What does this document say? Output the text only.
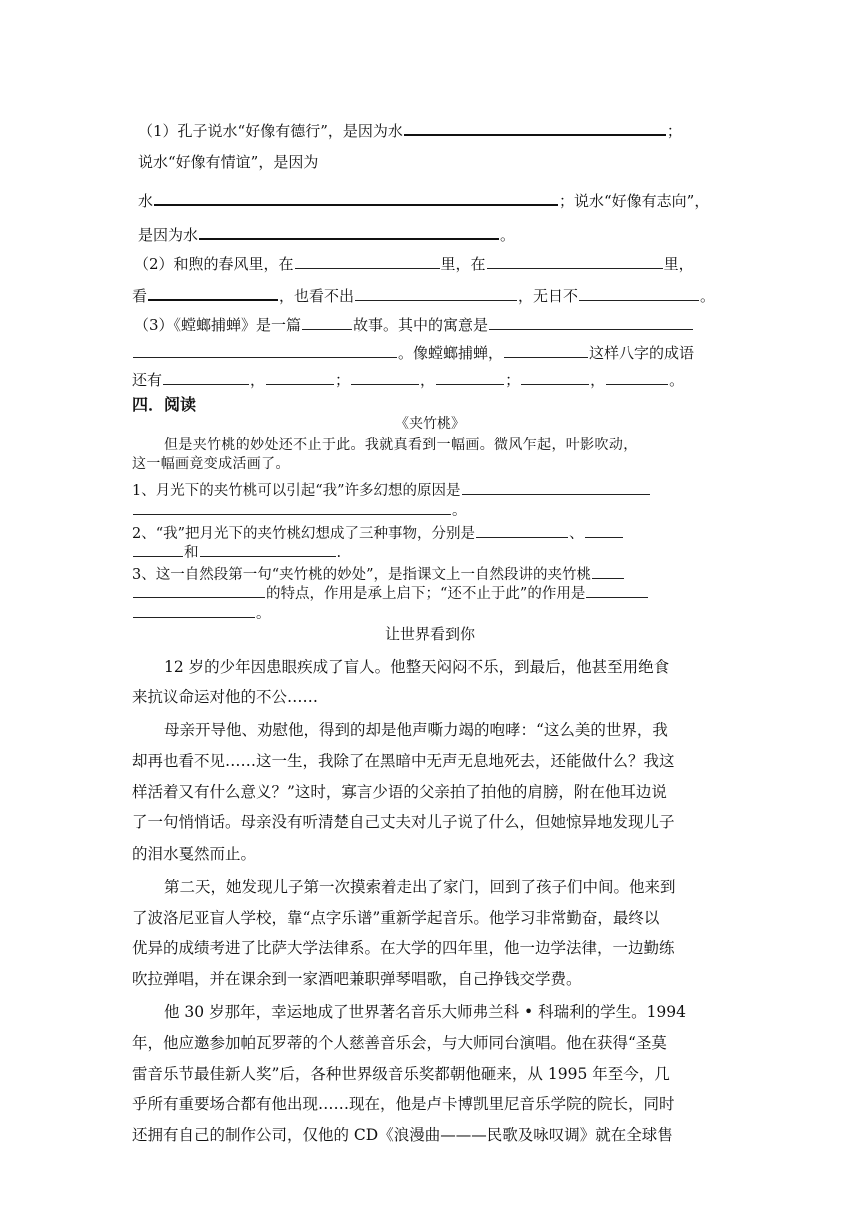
（1）孔子说水“好像有德行”，是因为水	；
说水“好像有情谊”，是因为
水	；说水“好像有志向”，
是因为水	。
（2）和煦的春风里，在	里，在	里，
看	，也看不出	，无日不	。
（3）《螳螂捕蝉》是一篇	故事。其中的寓意是
。像螳螂捕蝉，	这样八字的成语
还有	，	；	，	；	，	。
四．阅读
《夹竹桃》
但是夹竹桃的妙处还不止于此。我就真看到一幅画。微风乍起，叶影吹动，
这一幅画竟变成活画了。
1、月光下的夹竹桃可以引起“我”许多幻想的原因是
。
2、“我”把月光下的夹竹桃幻想成了三种事物，分别是	、
和	.
3、这一自然段第一句“夹竹桃的妙处”，是指课文上一自然段讲的夹竹桃
的特点，作用是承上启下；“还不止于此”的作用是
。
让世界看到你
12 岁的少年因患眼疾成了盲人。他整天闷闷不乐，到最后，他甚至用绝食
来抗议命运对他的不公……
母亲开导他、劝慰他，得到的却是他声嘶力竭的咆哮：“这么美的世界，我
却再也看不见……这一生，我除了在黑暗中无声无息地死去，还能做什么？我这
样活着又有什么意义？”这时，寡言少语的父亲拍了拍他的肩膀，附在他耳边说
了一句悄悄话。母亲没有听清楚自己丈夫对儿子说了什么，但她惊异地发现儿子
的泪水戛然而止。
第二天，她发现儿子第一次摸索着走出了家门，回到了孩子们中间。他来到
了波洛尼亚盲人学校，靠“点字乐谱”重新学起音乐。他学习非常勤奋，最终以
优异的成绩考进了比萨大学法律系。在大学的四年里，他一边学法律，一边勤练
吹拉弹唱，并在课余到一家酒吧兼职弹琴唱歌，自己挣钱交学费。
他 30 岁那年，幸运地成了世界著名音乐大师弗兰科 • 科瑞利的学生。1994
年，他应邀参加帕瓦罗蒂的个人慈善音乐会，与大师同台演唱。他在获得“圣莫
雷音乐节最佳新人奖”后，各种世界级音乐奖都朝他砸来，从 1995 年至今，几
乎所有重要场合都有他出现……现在，他是卢卡博凯里尼音乐学院的院长，同时
还拥有自己的制作公司，仅他的 CD《浪漫曲———民歌及咏叹调》就在全球售
